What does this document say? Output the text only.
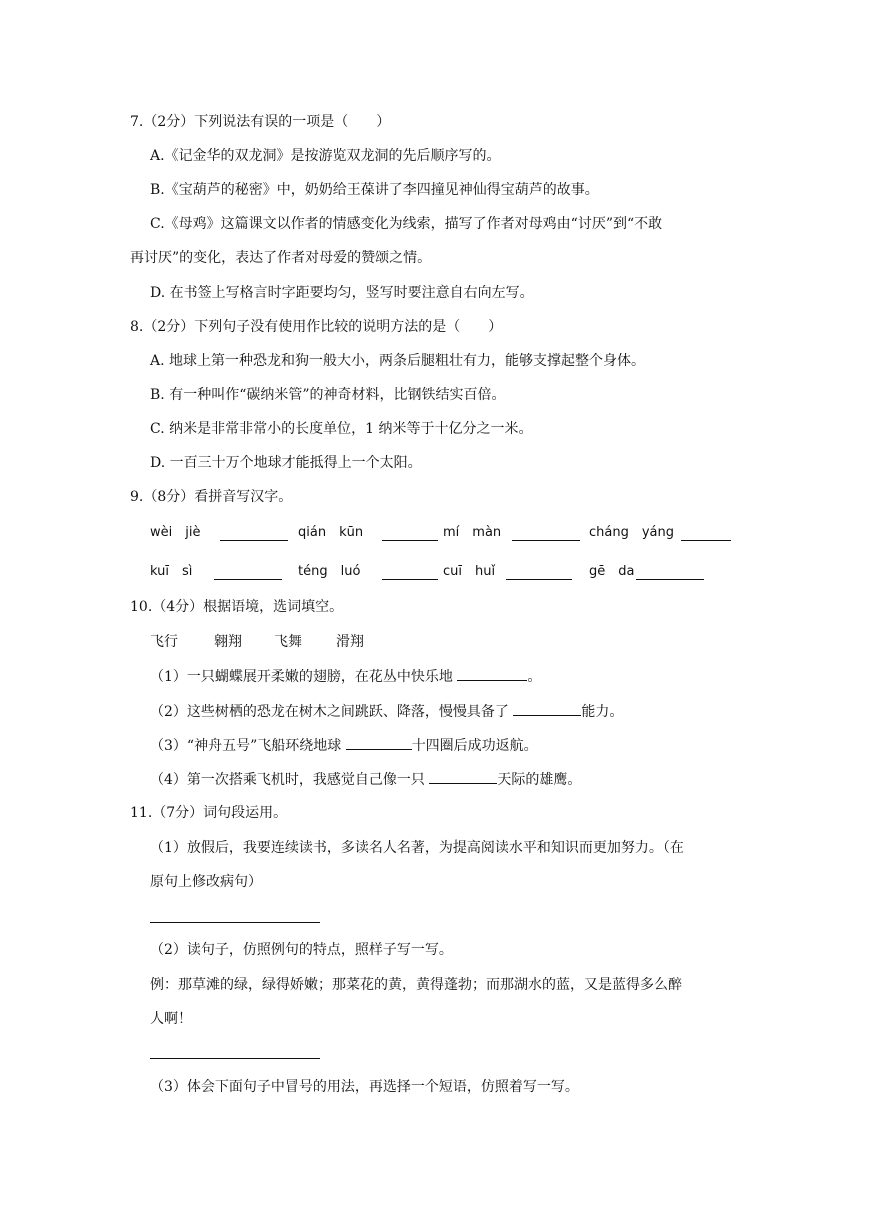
7.（2分）下列说法有误的一项是（　　）
A.《记金华的双龙洞》是按游览双龙洞的先后顺序写的。
B.《宝葫芦的秘密》中，奶奶给王葆讲了李四撞见神仙得宝葫芦的故事。
C.《母鸡》这篇课文以作者的情感变化为线索，描写了作者对母鸡由“讨厌”到“不敢
再讨厌”的变化，表达了作者对母爱的赞颂之情。
D. 在书签上写格言时字距要均匀，竖写时要注意自右向左写。
8.（2分）下列句子没有使用作比较的说明方法的是（　　）
A. 地球上第一种恐龙和狗一般大小，两条后腿粗壮有力，能够支撑起整个身体。
B. 有一种叫作“碳纳米管”的神奇材料，比钢铁结实百倍。
C. 纳米是非常非常小的长度单位，1 纳米等于十亿分之一米。
D. 一百三十万个地球才能抵得上一个太阳。
9.（8分）看拼音写汉字。
wèi　jiè	qián　kūn	mí　màn	cháng　yáng
kuī　sì	téng　luó	cuī　huǐ	gē　da
10.（4分）根据语境，选词填空。
飞行	翱翔 飞舞 滑翔
（1）一只蝴蝶展开柔嫩的翅膀，在花丛中快乐地	。
（2）这些树栖的恐龙在树木之间跳跃、降落，慢慢具备了	能力。
（3）“神舟五号”飞船环绕地球	十四圈后成功返航。
（4）第一次搭乘飞机时，我感觉自己像一只	天际的雄鹰。
11.（7分）词句段运用。
（1）放假后，我要连续读书，多读名人名著，为提高阅读水平和知识而更加努力。（在
原句上修改病句）
（2）读句子，仿照例句的特点，照样子写一写。
例：那草滩的绿，绿得娇嫩；那菜花的黄，黄得蓬勃；而那湖水的蓝，又是蓝得多么醉
人啊！
（3）体会下面句子中冒号的用法，再选择一个短语，仿照着写一写。
